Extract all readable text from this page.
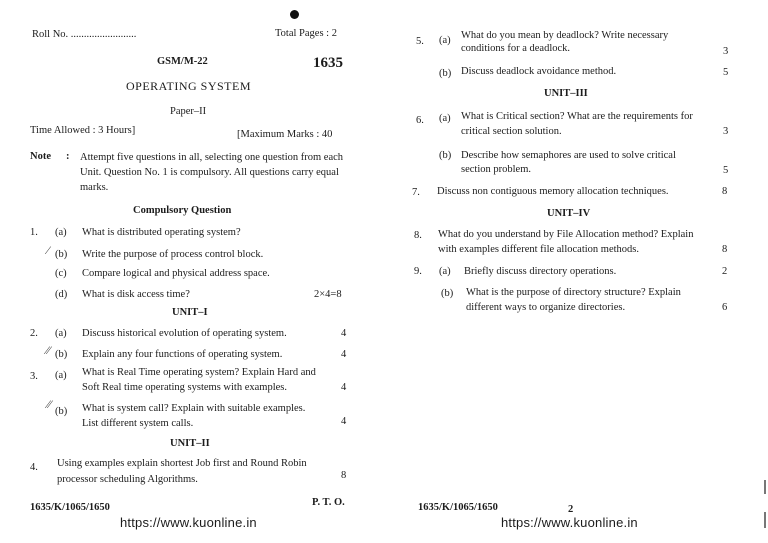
Roll No. .........................	Total Pages : 2
GSM/M-22	1635
OPERATING SYSTEM
Paper–II
Time Allowed : 3 Hours]	[Maximum Marks : 40
Note : Attempt five questions in all, selecting one question from each Unit. Question No. 1 is compulsory. All questions carry equal marks.
Compulsory Question
1. (a) What is distributed operating system?
⁄ (b) Write the purpose of process control block.
(c) Compare logical and physical address space.
(d) What is disk access time?	2×4=8
UNIT–I
2. (a) Discuss historical evolution of operating system.	4
⁄⁄ (b) Explain any four functions of operating system.	4
3. (a) What is Real Time operating system? Explain Hard and
Soft Real time operating systems with examples.	4
⁄⁄
(b) What is system call? Explain with suitable examples.
List different system calls.	4
UNIT–II
4. Using examples explain shortest Job first and Round Robin
processor scheduling Algorithms.	8
1635/K/1065/1650	P. T. O.
https://www.kuonline.in
5. (a) What do you mean by deadlock? Write necessary
conditions for a deadlock.	3
(b) Discuss deadlock avoidance method.	5
UNIT–III
6. (a) What is Critical section? What are the requirements for
critical section solution.	3
(b) Describe how semaphores are used to solve critical
section problem.	5
7. Discuss non contiguous memory allocation techniques.	8
UNIT–IV
8. What do you understand by File Allocation method? Explain
with examples different file allocation methods.	8
9. (a) Briefly discuss directory operations.	2
(b) What is the purpose of directory structure? Explain
different ways to organize directories.	6
1635/K/1065/1650	2
https://www.kuonline.in
